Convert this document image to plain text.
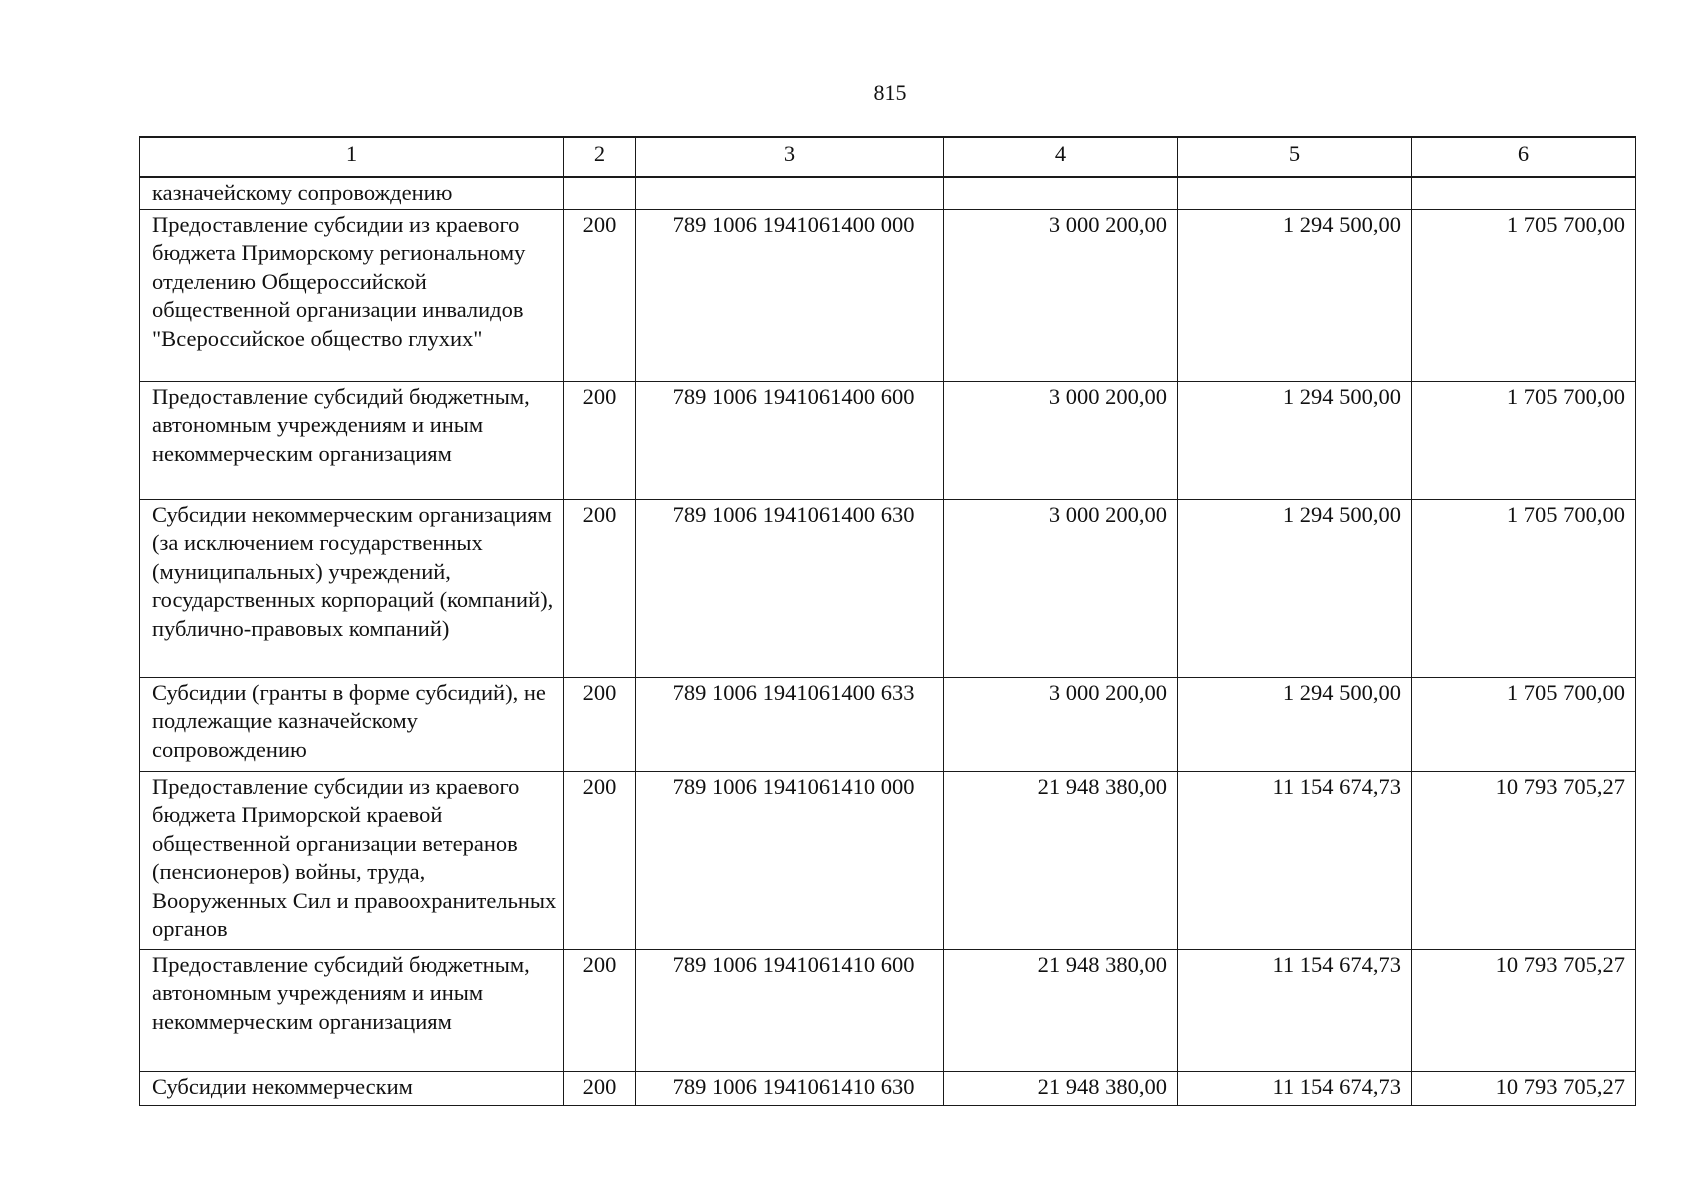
815
1	2	3	4	5	6
казначейскому сопровождению					
Предоставление субсидии из краевого бюджета Приморскому региональному отделению Общероссийской общественной организации инвалидов "Всероссийское общество глухих"	200	789 1006 1941061400 000	3 000 200,00	1 294 500,00	1 705 700,00
Предоставление субсидий бюджетным, автономным учреждениям и иным некоммерческим организациям	200	789 1006 1941061400 600	3 000 200,00	1 294 500,00	1 705 700,00
Субсидии некоммерческим организациям (за исключением государственных (муниципальных) учреждений, государственных корпораций (компаний), публично-правовых компаний)	200	789 1006 1941061400 630	3 000 200,00	1 294 500,00	1 705 700,00
Субсидии (гранты в форме субсидий), не подлежащие казначейскому сопровождению	200	789 1006 1941061400 633	3 000 200,00	1 294 500,00	1 705 700,00
Предоставление субсидии из краевого бюджета Приморской краевой общественной организации ветеранов (пенсионеров) войны, труда, Вооруженных Сил и правоохранительных органов	200	789 1006 1941061410 000	21 948 380,00	11 154 674,73	10 793 705,27
Предоставление субсидий бюджетным, автономным учреждениям и иным некоммерческим организациям	200	789 1006 1941061410 600	21 948 380,00	11 154 674,73	10 793 705,27
Субсидии некоммерческим	200	789 1006 1941061410 630	21 948 380,00	11 154 674,73	10 793 705,27
